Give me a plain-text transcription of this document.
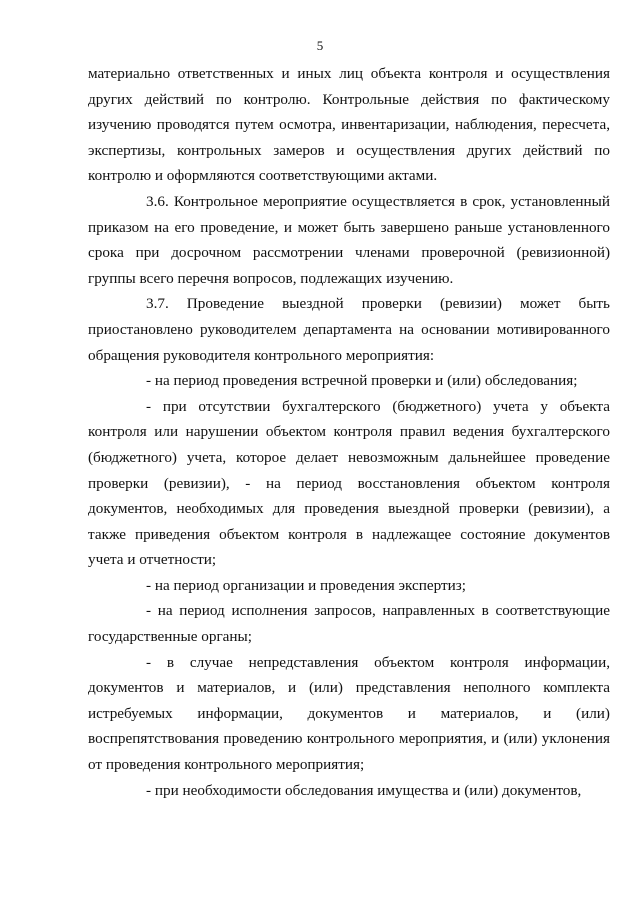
5

материально ответственных и иных лиц объекта контроля и осуществления других действий по контролю. Контрольные действия по фактическому изучению проводятся путем осмотра, инвентаризации, наблюдения, пересчета, экспертизы, контрольных замеров и осуществления других действий по контролю и оформляются соответствующими актами.

3.6. Контрольное мероприятие осуществляется в срок, установленный приказом на его проведение, и может быть завершено раньше установленного срока при досрочном рассмотрении членами проверочной (ревизионной) группы всего перечня вопросов, подлежащих изучению.

3.7. Проведение выездной проверки (ревизии) может быть приостановлено руководителем департамента на основании мотивированного обращения руководителя контрольного мероприятия:

- на период проведения встречной проверки и (или) обследования;

- при отсутствии бухгалтерского (бюджетного) учета у объекта контроля или нарушении объектом контроля правил ведения бухгалтерского (бюджетного) учета, которое делает невозможным дальнейшее проведение проверки (ревизии), - на период восстановления объектом контроля документов, необходимых для проведения выездной проверки (ревизии), а также приведения объектом контроля в надлежащее состояние документов учета и отчетности;

- на период организации и проведения экспертиз;

- на период исполнения запросов, направленных в соответствующие государственные органы;

- в случае непредставления объектом контроля информации, документов и материалов, и (или) представления неполного комплекта истребуемых информации, документов и материалов, и (или) воспрепятствования проведению контрольного мероприятия, и (или) уклонения от проведения контрольного мероприятия;

- при необходимости обследования имущества и (или) документов,
